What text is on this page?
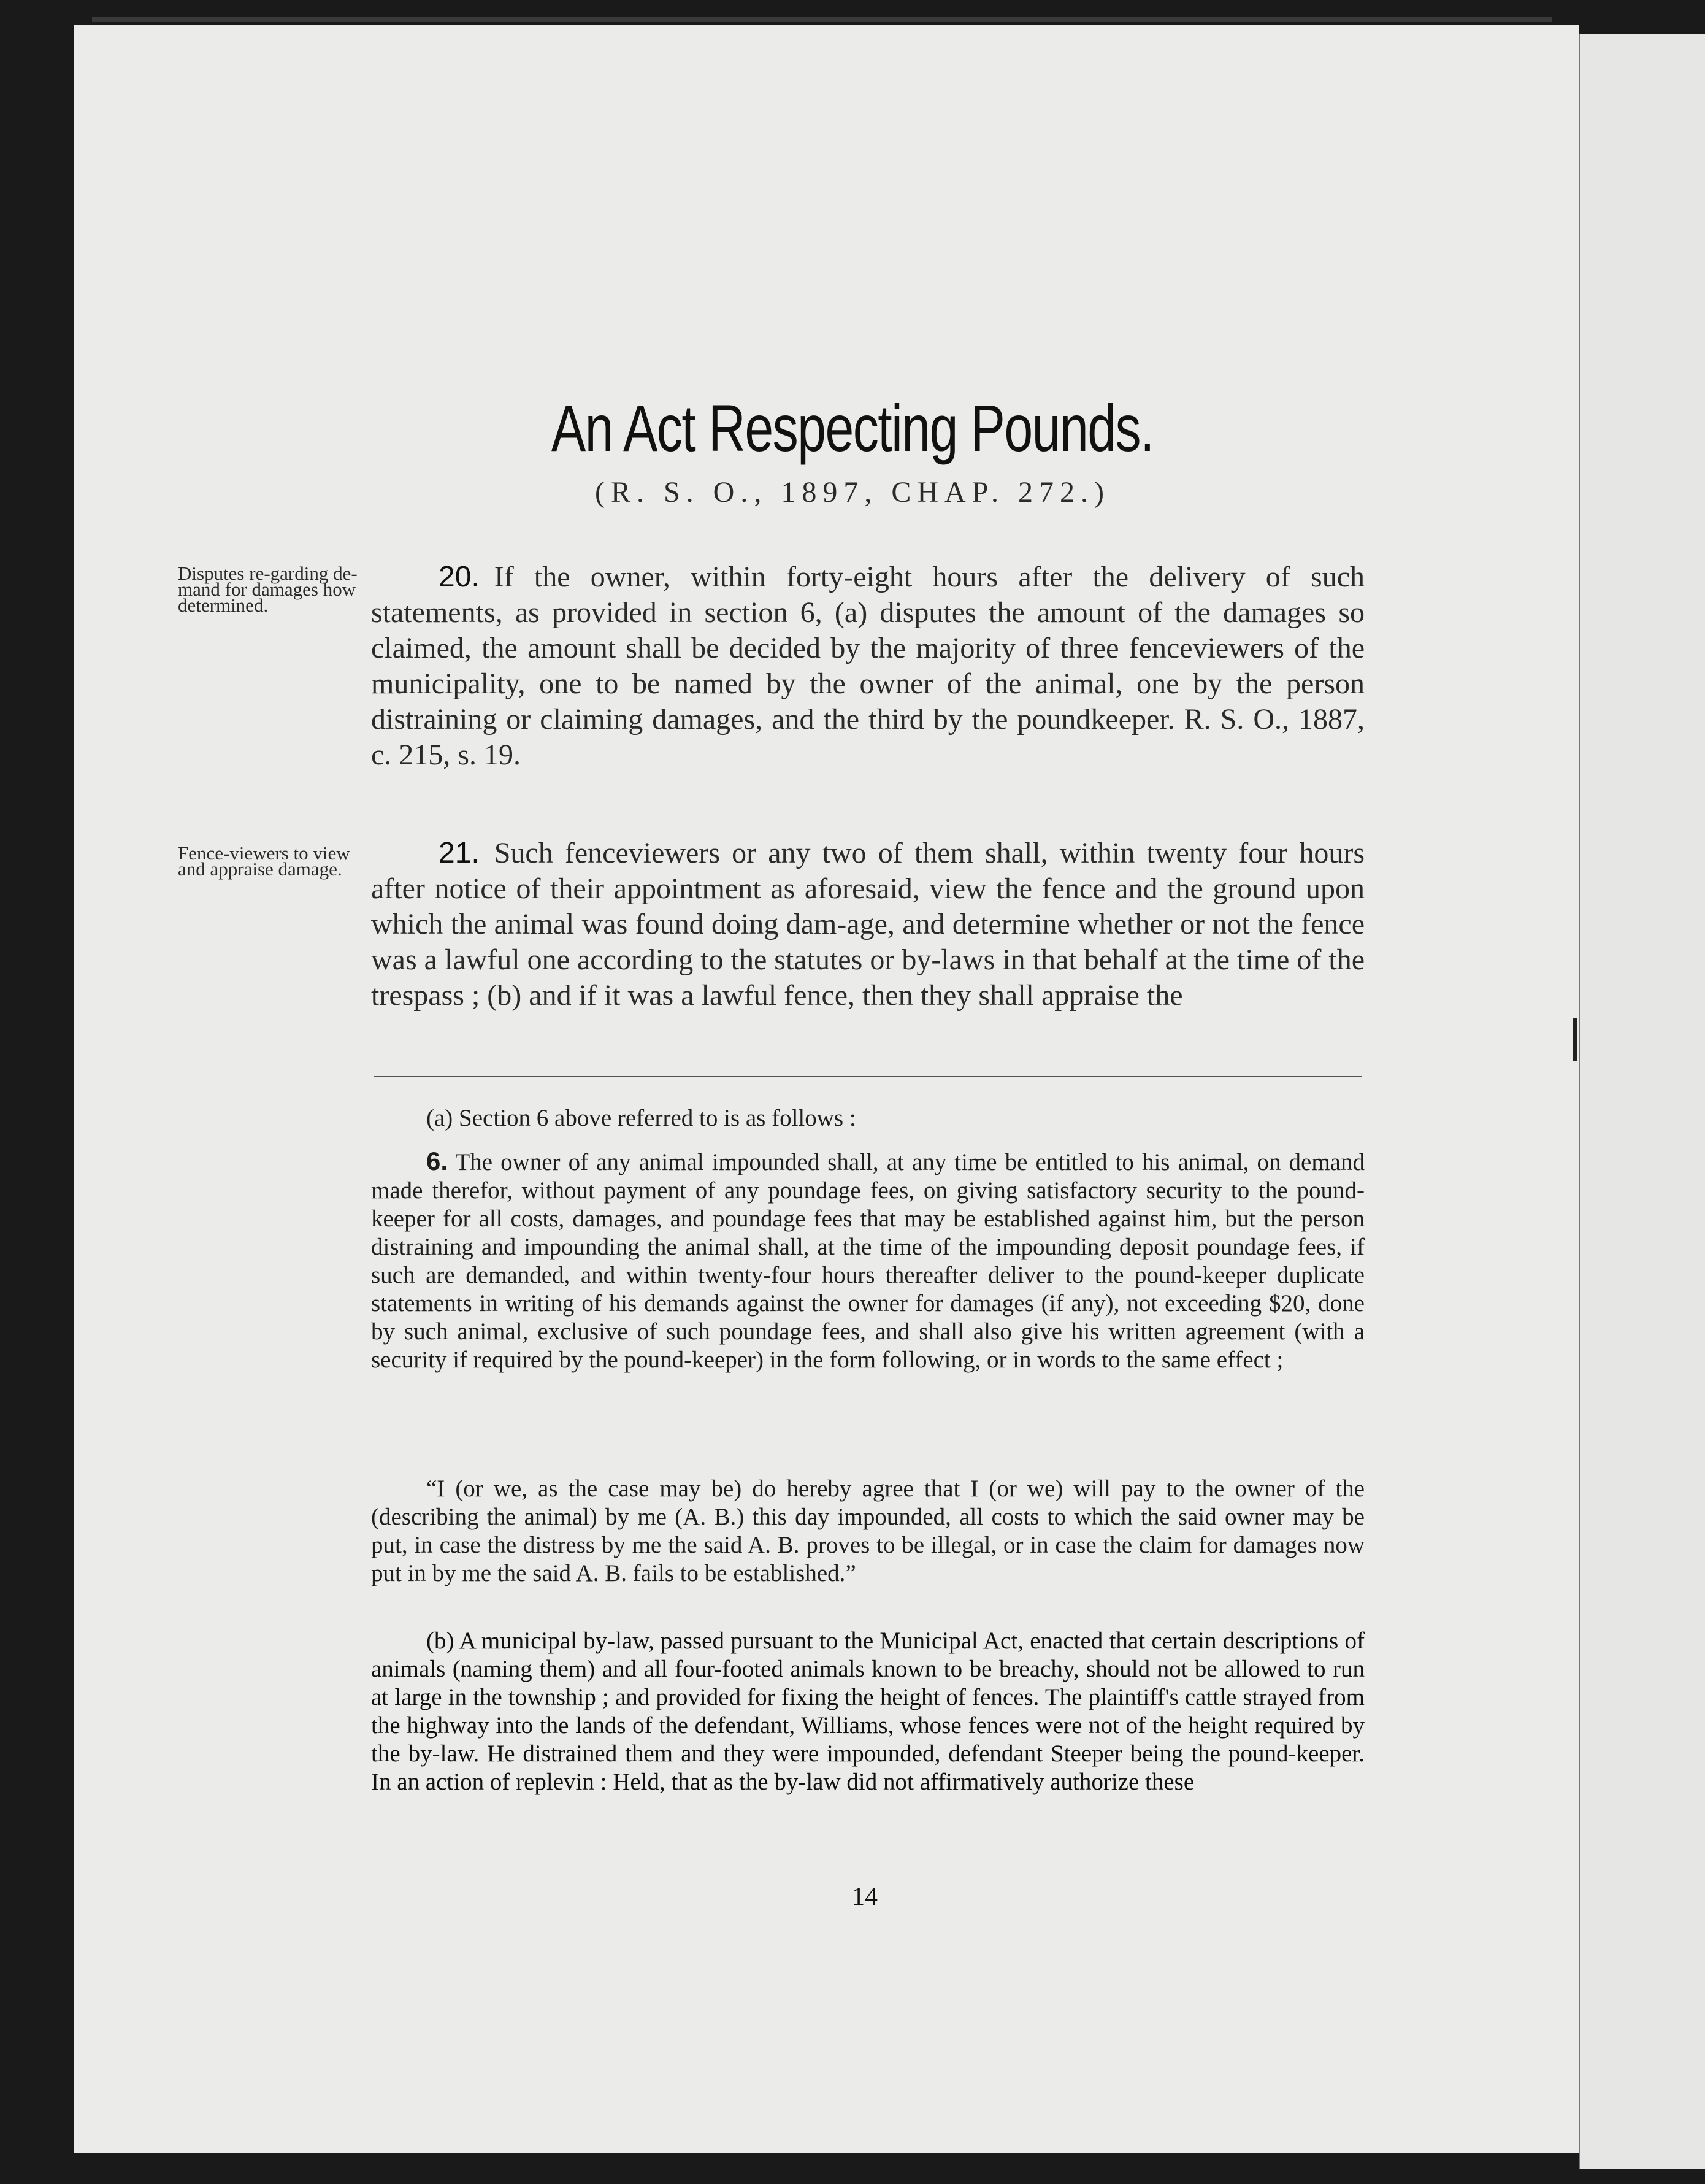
An Act Respecting Pounds.
(R. S. O., 1897, CHAP. 272.)
Disputes re-garding de-mand for damages how determined.
Fence-viewers to view and appraise damage.
20. If the owner, within forty-eight hours after the delivery of such statements, as provided in section 6, (a) disputes the amount of the damages so claimed, the amount shall be decided by the majority of three fenceviewers of the municipality, one to be named by the owner of the animal, one by the person distraining or claiming damages, and the third by the poundkeeper. R. S. O., 1887, c. 215, s. 19.
21. Such fenceviewers or any two of them shall, within twenty four hours after notice of their appointment as aforesaid, view the fence and the ground upon which the animal was found doing dam-age, and determine whether or not the fence was a lawful one according to the statutes or by-laws in that behalf at the time of the trespass ; (b) and if it was a lawful fence, then they shall appraise the
(a) Section 6 above referred to is as follows :
6. The owner of any animal impounded shall, at any time be entitled to his animal, on demand made therefor, without payment of any poundage fees, on giving satisfactory security to the pound-keeper for all costs, damages, and poundage fees that may be established against him, but the person distraining and impounding the animal shall, at the time of the impounding deposit poundage fees, if such are demanded, and within twenty-four hours thereafter deliver to the pound-keeper duplicate statements in writing of his demands against the owner for damages (if any), not exceeding $20, done by such animal, exclusive of such poundage fees, and shall also give his written agreement (with a security if required by the pound-keeper) in the form following, or in words to the same effect ;
“I (or we, as the case may be) do hereby agree that I (or we) will pay to the owner of the (describing the animal) by me (A. B.) this day impounded, all costs to which the said owner may be put, in case the distress by me the said A. B. proves to be illegal, or in case the claim for damages now put in by me the said A. B. fails to be established.”
(b) A municipal by-law, passed pursuant to the Municipal Act, enacted that certain descriptions of animals (naming them) and all four-footed animals known to be breachy, should not be allowed to run at large in the township ; and provided for fixing the height of fences. The plaintiff's cattle strayed from the highway into the lands of the defendant, Williams, whose fences were not of the height required by the by-law. He distrained them and they were impounded, defendant Steeper being the pound-keeper. In an action of replevin : Held, that as the by-law did not affirmatively authorize these
14
